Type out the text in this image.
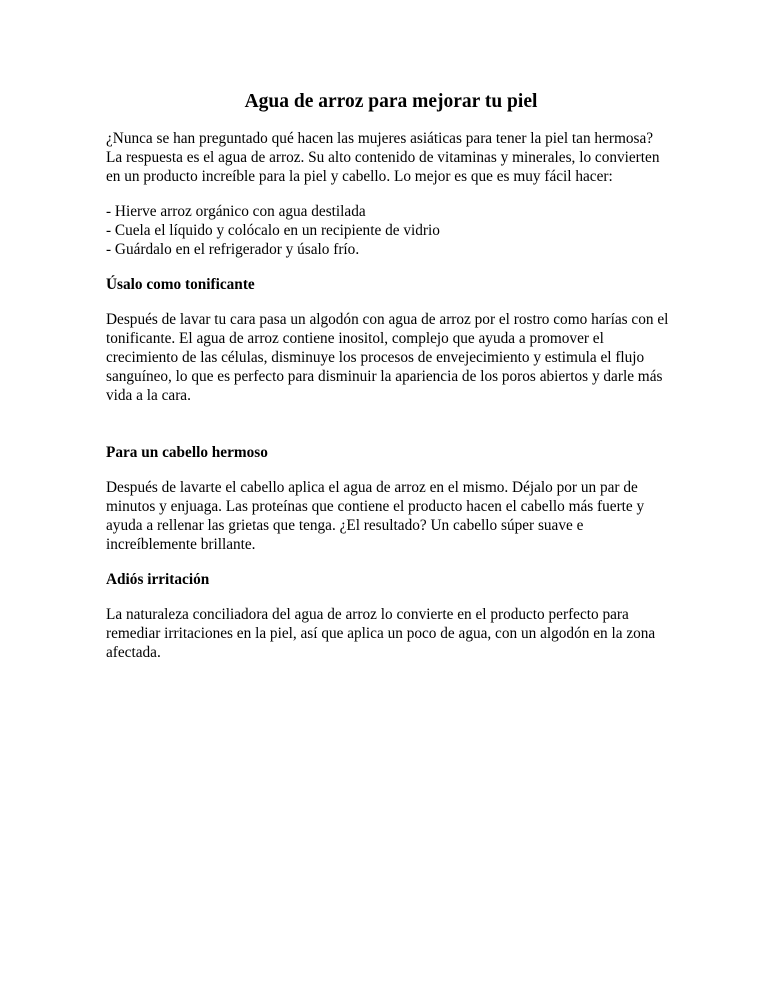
Agua de arroz para mejorar tu piel

¿Nunca se han preguntado qué hacen las mujeres asiáticas para tener la piel tan hermosa?
La respuesta es el agua de arroz. Su alto contenido de vitaminas y minerales, lo convierten
en un producto increíble para la piel y cabello. Lo mejor es que es muy fácil hacer:

- Hierve arroz orgánico con agua destilada
- Cuela el líquido y colócalo en un recipiente de vidrio
- Guárdalo en el refrigerador y úsalo frío.

Úsalo como tonificante

Después de lavar tu cara pasa un algodón con agua de arroz por el rostro como harías con el
tonificante. El agua de arroz contiene inositol, complejo que ayuda a promover el
crecimiento de las células, disminuye los procesos de envejecimiento y estimula el flujo
sanguíneo, lo que es perfecto para disminuir la apariencia de los poros abiertos y darle más
vida a la cara.

Para un cabello hermoso

Después de lavarte el cabello aplica el agua de arroz en el mismo. Déjalo por un par de
minutos y enjuaga. Las proteínas que contiene el producto hacen el cabello más fuerte y
ayuda a rellenar las grietas que tenga. ¿El resultado? Un cabello súper suave e
increíblemente brillante.

Adiós irritación

La naturaleza conciliadora del agua de arroz lo convierte en el producto perfecto para
remediar irritaciones en la piel, así que aplica un poco de agua, con un algodón en la zona
afectada.
